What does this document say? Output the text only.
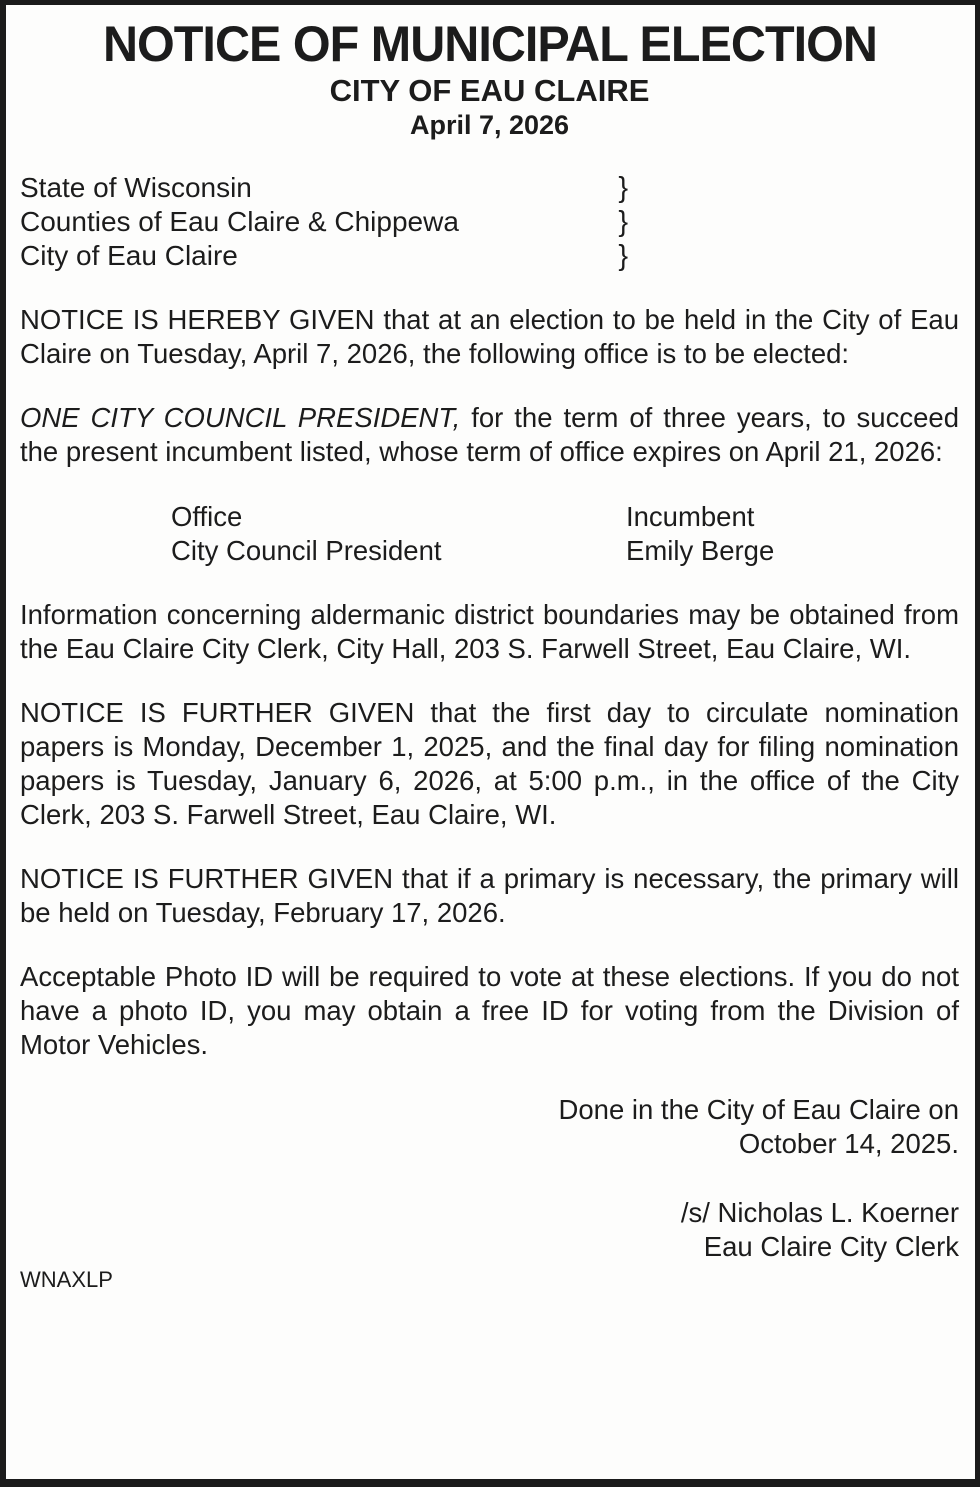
NOTICE OF MUNICIPAL ELECTION
CITY OF EAU CLAIRE
April 7, 2026
State of Wisconsin	}
Counties of Eau Claire & Chippewa	}
City of Eau Claire	}

NOTICE IS HEREBY GIVEN that at an election to be held in the City of Eau Claire on Tuesday, April 7, 2026, the following office is to be elected:

ONE CITY COUNCIL PRESIDENT, for the term of three years, to succeed the present incumbent listed, whose term of office expires on April 21, 2026:

Office	Incumbent
City Council President	Emily Berge

Information concerning aldermanic district boundaries may be obtained from the Eau Claire City Clerk, City Hall, 203 S. Farwell Street, Eau Claire, WI.

NOTICE IS FURTHER GIVEN that the first day to circulate nomination papers is Monday, December 1, 2025, and the final day for filing nomination papers is Tuesday, January 6, 2026, at 5:00 p.m., in the office of the City Clerk, 203 S. Farwell Street, Eau Claire, WI.

NOTICE IS FURTHER GIVEN that if a primary is necessary, the primary will be held on Tuesday, February 17, 2026.

Acceptable Photo ID will be required to vote at these elections. If you do not have a photo ID, you may obtain a free ID for voting from the Division of Motor Vehicles.

Done in the City of Eau Claire on
October 14, 2025.
/s/ Nicholas L. Koerner
Eau Claire City Clerk
WNAXLP
